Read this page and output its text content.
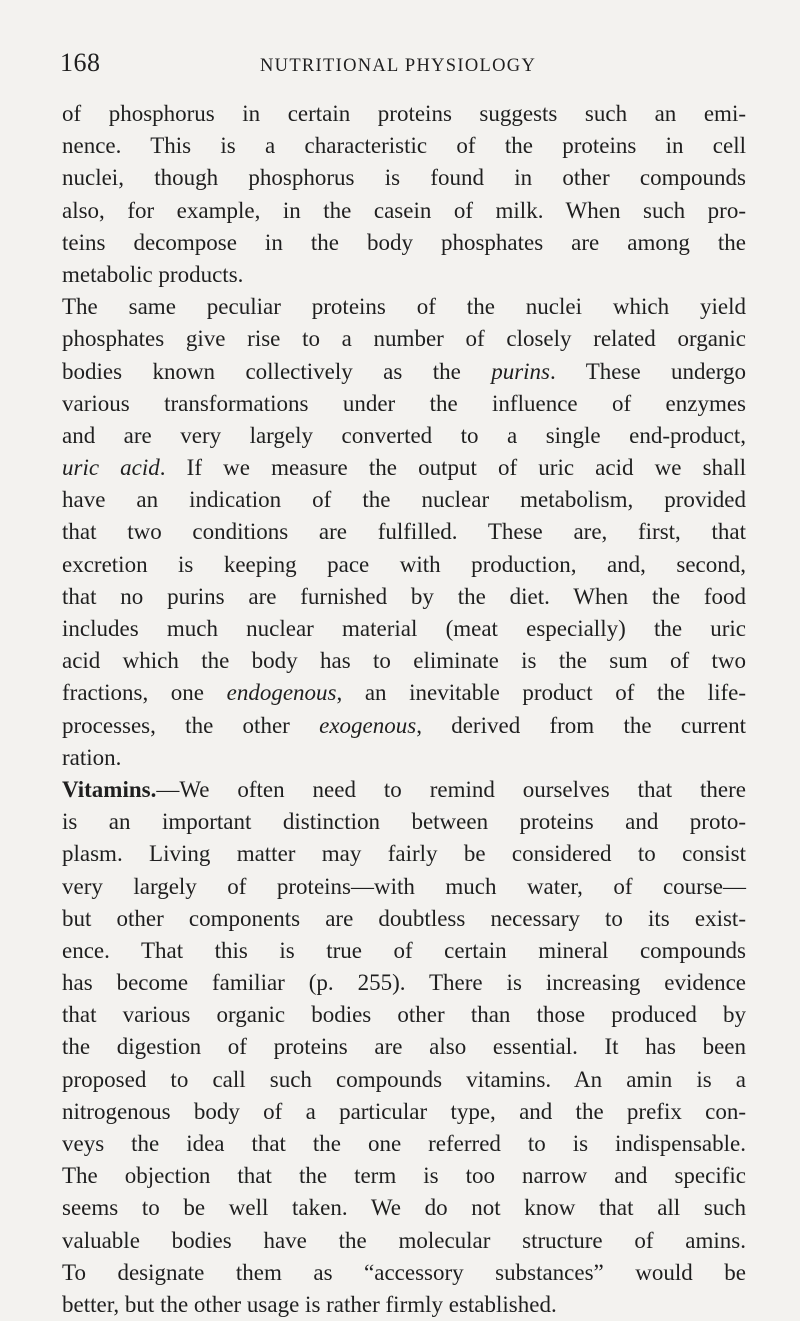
168	NUTRITIONAL PHYSIOLOGY
of phosphorus in certain proteins suggests such an emi-
nence. This is a characteristic of the proteins in cell
nuclei, though phosphorus is found in other compounds
also, for example, in the casein of milk. When such pro-
teins decompose in the body phosphates are among the
metabolic products.
The same peculiar proteins of the nuclei which yield
phosphates give rise to a number of closely related organic
bodies known collectively as the purins. These undergo
various transformations under the influence of enzymes
and are very largely converted to a single end-product,
uric acid. If we measure the output of uric acid we shall
have an indication of the nuclear metabolism, provided
that two conditions are fulfilled. These are, first, that
excretion is keeping pace with production, and, second,
that no purins are furnished by the diet. When the food
includes much nuclear material (meat especially) the uric
acid which the body has to eliminate is the sum of two
fractions, one endogenous, an inevitable product of the life-
processes, the other exogenous, derived from the current
ration.
Vitamins.—We often need to remind ourselves that there
is an important distinction between proteins and proto-
plasm. Living matter may fairly be considered to consist
very largely of proteins—with much water, of course—
but other components are doubtless necessary to its exist-
ence. That this is true of certain mineral compounds
has become familiar (p. 255). There is increasing evidence
that various organic bodies other than those produced by
the digestion of proteins are also essential. It has been
proposed to call such compounds vitamins. An amin is a
nitrogenous body of a particular type, and the prefix con-
veys the idea that the one referred to is indispensable.
The objection that the term is too narrow and specific
seems to be well taken. We do not know that all such
valuable bodies have the molecular structure of amins.
To designate them as “accessory substances” would be
better, but the other usage is rather firmly established.
